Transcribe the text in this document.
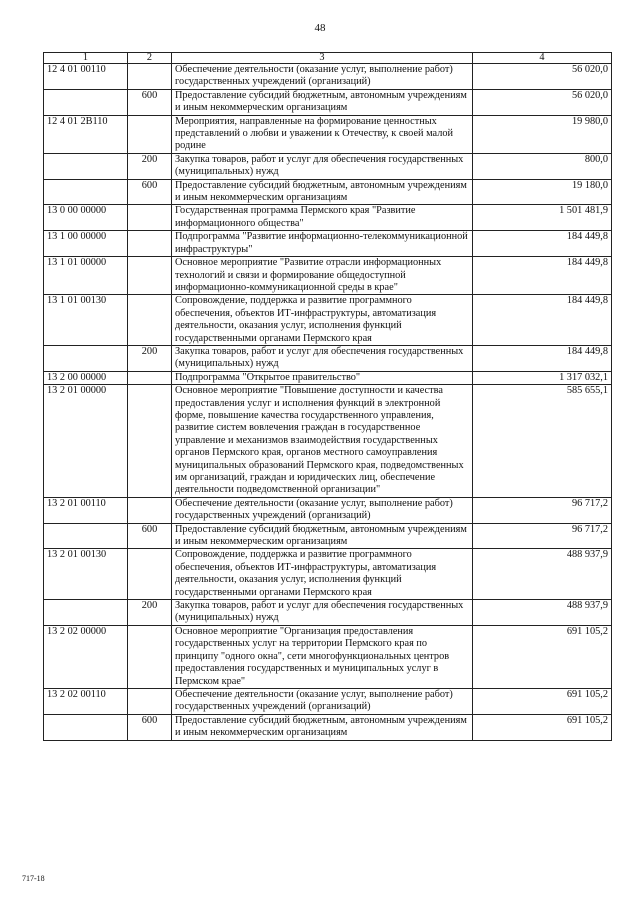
48
1	2	3	4
12 4 01 00110		Обеспечение деятельности (оказание услуг, выполнение работ) государственных учреждений (организаций)	56 020,0
	600	Предоставление субсидий бюджетным, автономным учреждениям и иным некоммерческим организациям	56 020,0
12 4 01 2В110		Мероприятия, направленные на формирование ценностных представлений о любви и уважении к Отечеству, к своей малой родине	19 980,0
	200	Закупка товаров, работ и услуг для обеспечения государственных (муниципальных) нужд	800,0
	600	Предоставление субсидий бюджетным, автономным учреждениям и иным некоммерческим организациям	19 180,0
13 0 00 00000		Государственная программа Пермского края "Развитие информационного общества"	1 501 481,9
13 1 00 00000		Подпрограмма "Развитие информационно-телекоммуникационной инфраструктуры"	184 449,8
13 1 01 00000		Основное мероприятие "Развитие отрасли информационных технологий и связи и формирование общедоступной информационно-коммуникационной среды в крае"	184 449,8
13 1 01 00130		Сопровождение, поддержка и развитие программного обеспечения, объектов ИТ-инфраструктуры, автоматизация деятельности, оказания услуг, исполнения функций государственными органами Пермского края	184 449,8
	200	Закупка товаров, работ и услуг для обеспечения государственных (муниципальных) нужд	184 449,8
13 2 00 00000		Подпрограмма "Открытое правительство"	1 317 032,1
13 2 01 00000		Основное мероприятие "Повышение доступности и качества предоставления услуг и исполнения функций в электронной форме, повышение качества государственного управления, развитие систем вовлечения граждан в государственное управление и механизмов взаимодействия государственных органов Пермского края, органов местного самоуправления муниципальных образований Пермского края, подведомственных им организаций, граждан и юридических лиц, обеспечение деятельности подведомственной организации"	585 655,1
13 2 01 00110		Обеспечение деятельности (оказание услуг, выполнение работ) государственных учреждений (организаций)	96 717,2
	600	Предоставление субсидий бюджетным, автономным учреждениям и иным некоммерческим организациям	96 717,2
13 2 01 00130		Сопровождение, поддержка и развитие программного обеспечения, объектов ИТ-инфраструктуры, автоматизация деятельности, оказания услуг, исполнения функций государственными органами Пермского края	488 937,9
	200	Закупка товаров, работ и услуг для обеспечения государственных (муниципальных) нужд	488 937,9
13 2 02 00000		Основное мероприятие "Организация предоставления государственных услуг на территории Пермского края по принципу "одного окна", сети многофункциональных центров предоставления государственных и муниципальных услуг в Пермском крае"	691 105,2
13 2 02 00110		Обеспечение деятельности (оказание услуг, выполнение работ) государственных учреждений (организаций)	691 105,2
	600	Предоставление субсидий бюджетным, автономным учреждениям и иным некоммерческим организациям	691 105,2
717-18
